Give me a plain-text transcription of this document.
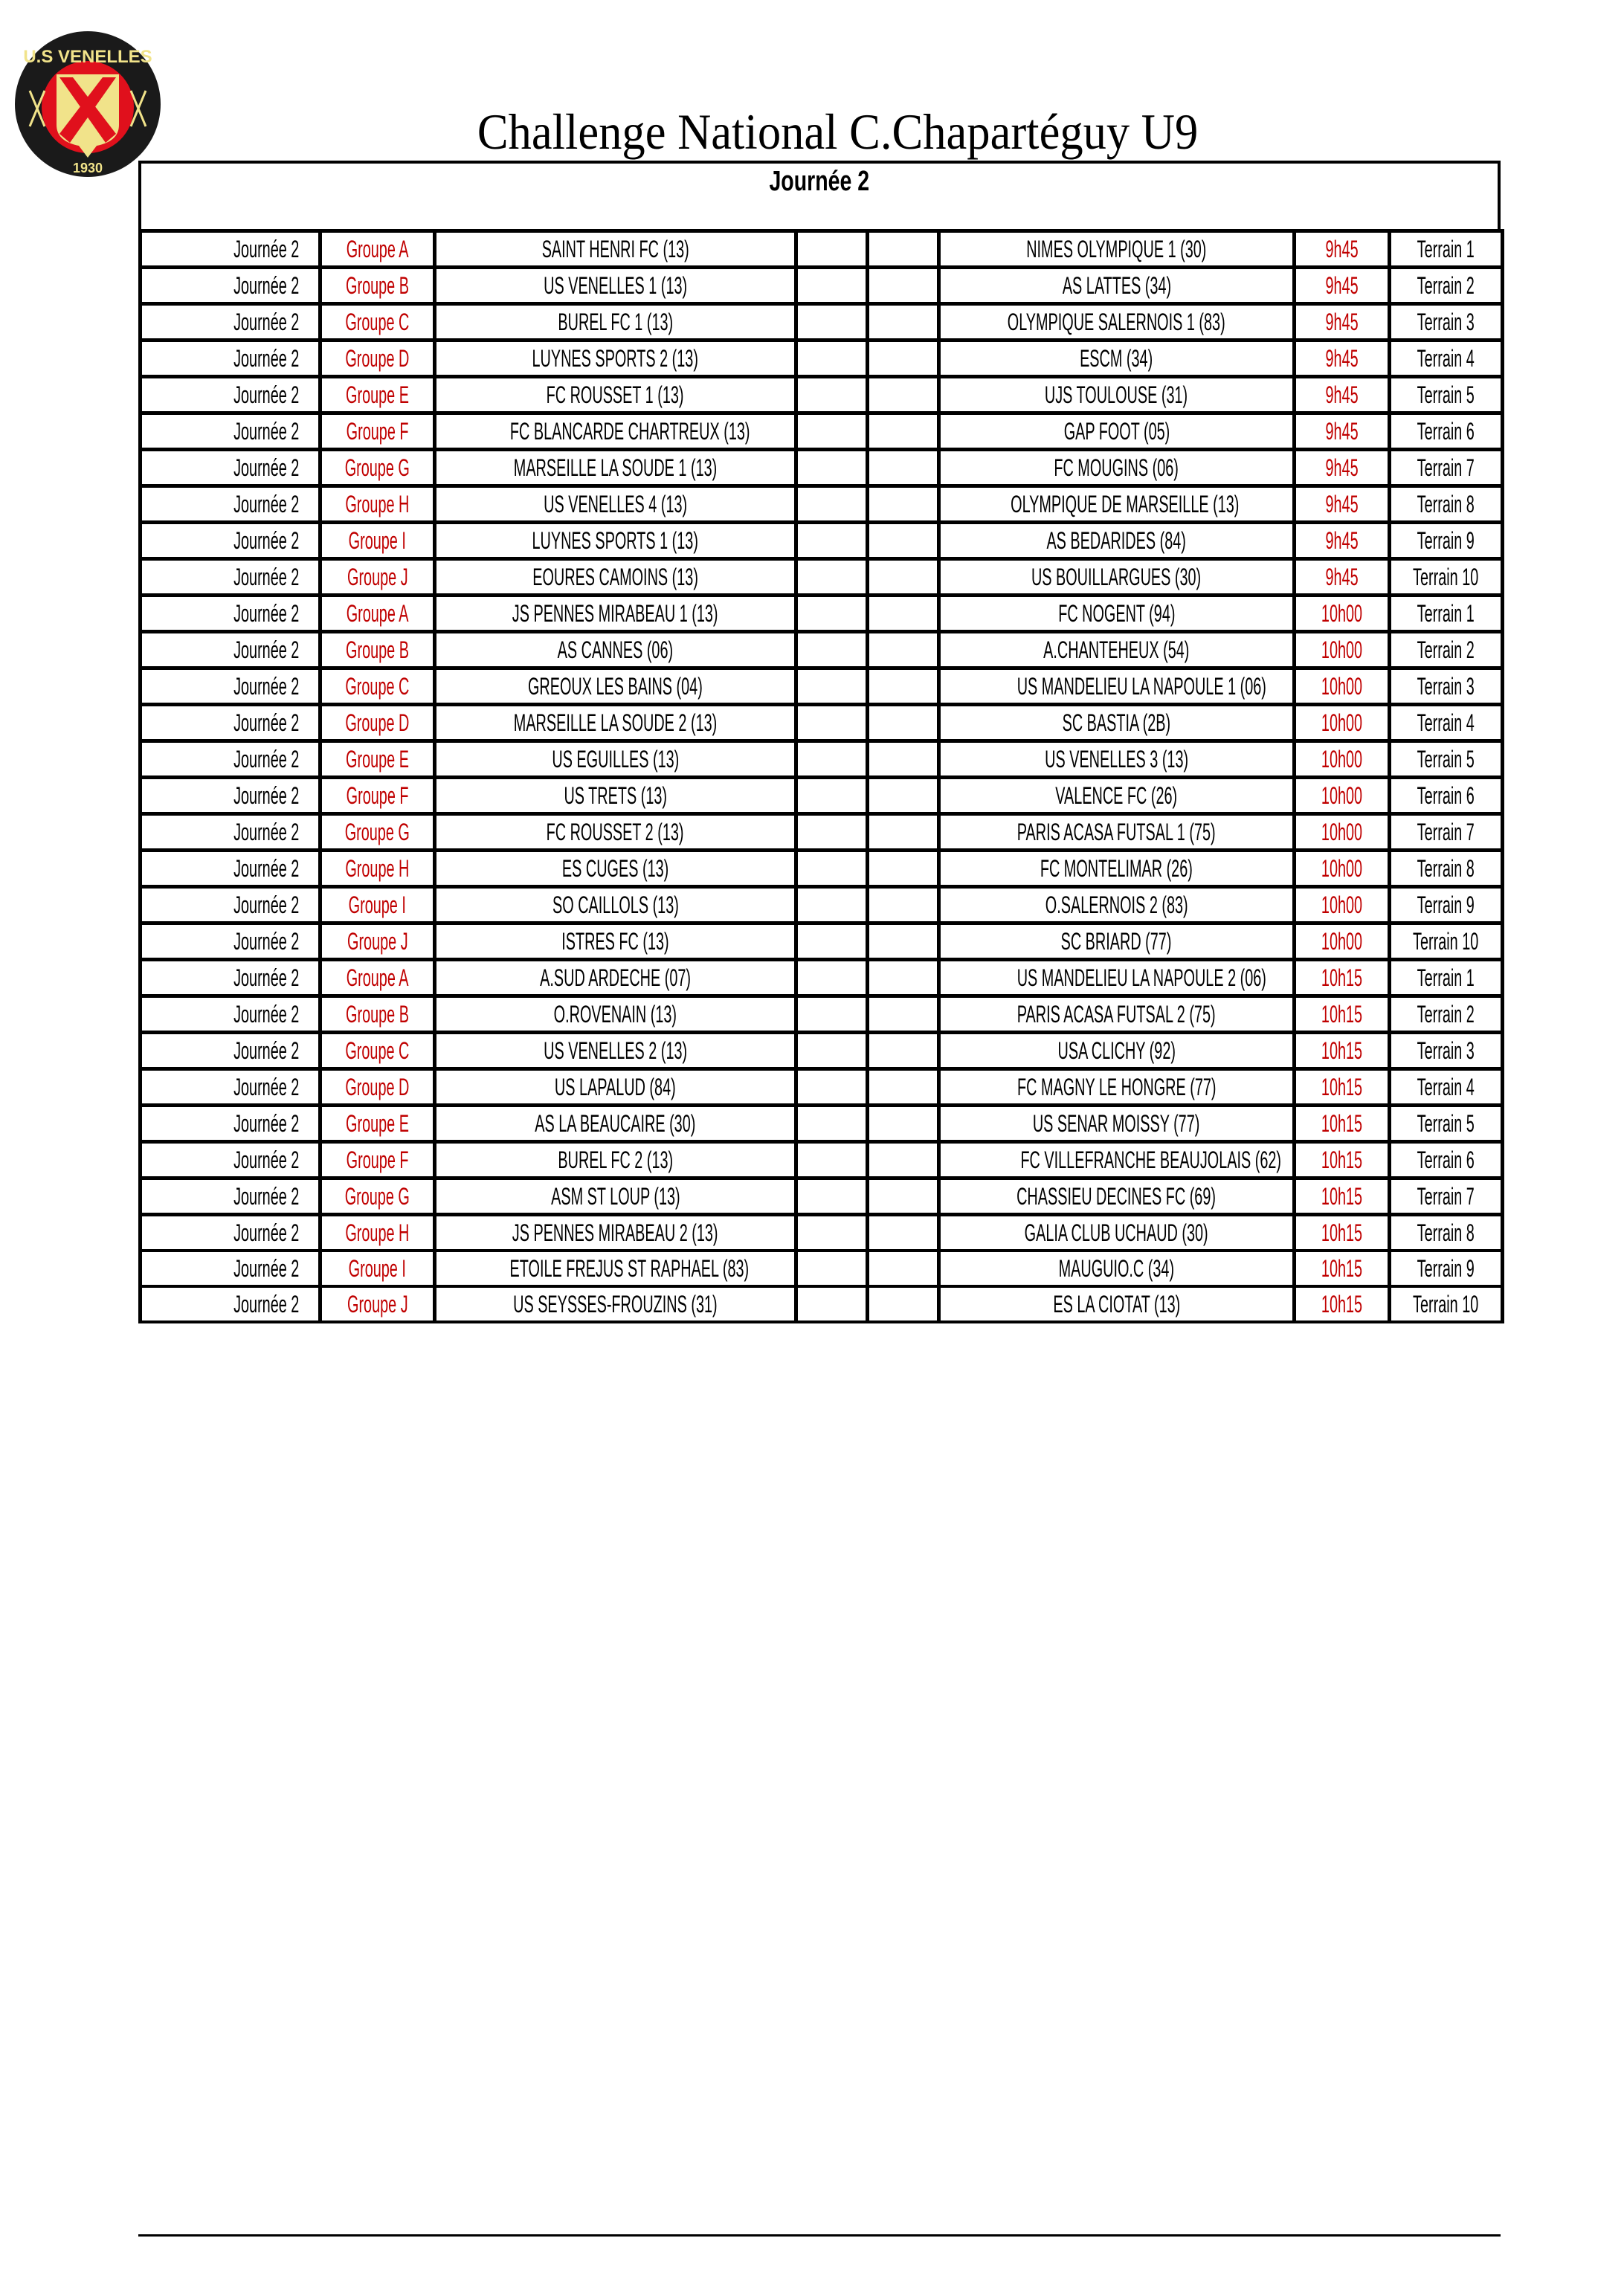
U.S VENELLES
1930
Challenge National C.Chapartéguy U9
Journée 2
Journée 2	Groupe A	SAINT HENRI FC (13)			NIMES OLYMPIQUE 1 (30)	9h45	Terrain 1
Journée 2	Groupe B	US VENELLES 1 (13)			AS LATTES (34)	9h45	Terrain 2
Journée 2	Groupe C	BUREL FC 1 (13)			OLYMPIQUE SALERNOIS 1 (83)	9h45	Terrain 3
Journée 2	Groupe D	LUYNES SPORTS 2 (13)			ESCM (34)	9h45	Terrain 4
Journée 2	Groupe E	FC ROUSSET 1 (13)			UJS TOULOUSE (31)	9h45	Terrain 5
Journée 2	Groupe F	FC BLANCARDE CHARTREUX (13)			GAP FOOT (05)	9h45	Terrain 6
Journée 2	Groupe G	MARSEILLE LA SOUDE 1 (13)			FC MOUGINS (06)	9h45	Terrain 7
Journée 2	Groupe H	US VENELLES 4 (13)			OLYMPIQUE DE MARSEILLE (13)	9h45	Terrain 8
Journée 2	Groupe I	LUYNES SPORTS 1 (13)			AS BEDARIDES (84)	9h45	Terrain 9
Journée 2	Groupe J	EOURES CAMOINS (13)			US BOUILLARGUES (30)	9h45	Terrain 10
Journée 2	Groupe A	JS PENNES MIRABEAU 1 (13)			FC NOGENT (94)	10h00	Terrain 1
Journée 2	Groupe B	AS CANNES (06)			A.CHANTEHEUX (54)	10h00	Terrain 2
Journée 2	Groupe C	GREOUX LES BAINS (04)			US MANDELIEU LA NAPOULE 1 (06)	10h00	Terrain 3
Journée 2	Groupe D	MARSEILLE LA SOUDE 2 (13)			SC BASTIA (2B)	10h00	Terrain 4
Journée 2	Groupe E	US EGUILLES (13)			US VENELLES 3 (13)	10h00	Terrain 5
Journée 2	Groupe F	US TRETS (13)			VALENCE FC (26)	10h00	Terrain 6
Journée 2	Groupe G	FC ROUSSET 2 (13)			PARIS ACASA FUTSAL 1 (75)	10h00	Terrain 7
Journée 2	Groupe H	ES CUGES (13)			FC MONTELIMAR (26)	10h00	Terrain 8
Journée 2	Groupe I	SO CAILLOLS (13)			O.SALERNOIS 2 (83)	10h00	Terrain 9
Journée 2	Groupe J	ISTRES FC (13)			SC BRIARD (77)	10h00	Terrain 10
Journée 2	Groupe A	A.SUD ARDECHE (07)			US MANDELIEU LA NAPOULE 2 (06)	10h15	Terrain 1
Journée 2	Groupe B	O.ROVENAIN (13)			PARIS ACASA FUTSAL 2 (75)	10h15	Terrain 2
Journée 2	Groupe C	US VENELLES 2 (13)			USA CLICHY (92)	10h15	Terrain 3
Journée 2	Groupe D	US LAPALUD (84)			FC MAGNY LE HONGRE (77)	10h15	Terrain 4
Journée 2	Groupe E	AS LA BEAUCAIRE (30)			US SENAR MOISSY (77)	10h15	Terrain 5
Journée 2	Groupe F	BUREL FC 2 (13)			FC VILLEFRANCHE BEAUJOLAIS (62)	10h15	Terrain 6
Journée 2	Groupe G	ASM ST LOUP (13)			CHASSIEU DECINES FC (69)	10h15	Terrain 7
Journée 2	Groupe H	JS PENNES MIRABEAU 2 (13)			GALIA CLUB UCHAUD (30)	10h15	Terrain 8
Journée 2	Groupe I	ETOILE FREJUS ST RAPHAEL (83)			MAUGUIO.C (34)	10h15	Terrain 9
Journée 2	Groupe J	US SEYSSES-FROUZINS (31)			ES LA CIOTAT (13)	10h15	Terrain 10
